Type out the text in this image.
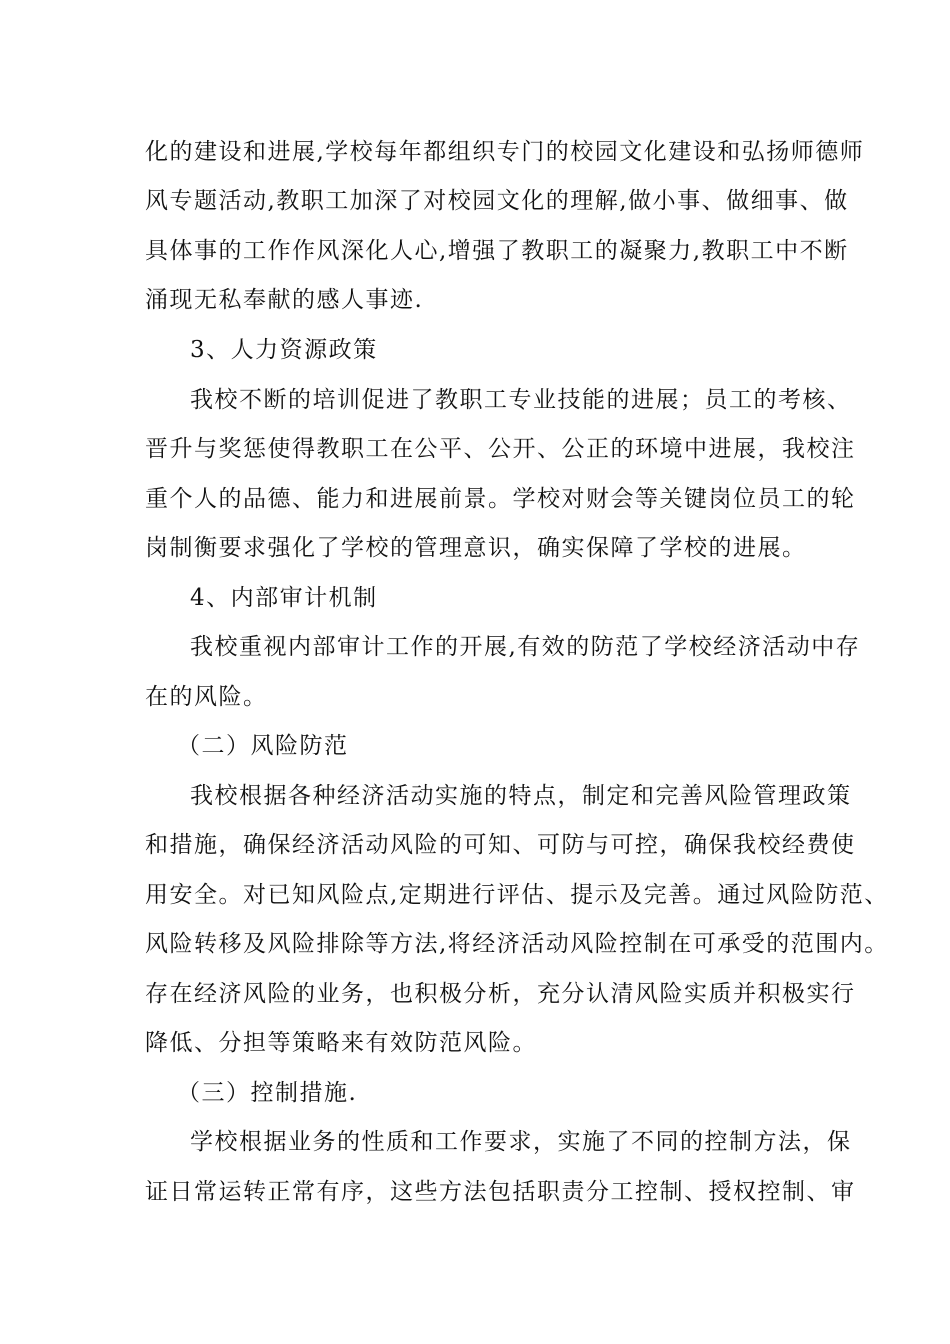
化的建设和进展,学校每年都组织专门的校园文化建设和弘扬师德师

风专题活动,教职工加深了对校园文化的理解,做小事、做细事、做

具体事的工作作风深化人心,增强了教职工的凝聚力,教职工中不断

涌现无私奉献的感人事迹.

3、人力资源政策

我校不断的培训促进了教职工专业技能的进展；员工的考核、

晋升与奖惩使得教职工在公平、公开、公正的环境中进展，我校注

重个人的品德、能力和进展前景。学校对财会等关键岗位员工的轮

岗制衡要求强化了学校的管理意识，确实保障了学校的进展。

4、内部审计机制

我校重视内部审计工作的开展,有效的防范了学校经济活动中存

在的风险。

（二）风险防范

我校根据各种经济活动实施的特点，制定和完善风险管理政策

和措施，确保经济活动风险的可知、可防与可控，确保我校经费使

用安全。对已知风险点,定期进行评估、提示及完善。通过风险防范、

风险转移及风险排除等方法,将经济活动风险控制在可承受的范围内。

存在经济风险的业务，也积极分析，充分认清风险实质并积极实行

降低、分担等策略来有效防范风险。

（三）控制措施.

学校根据业务的性质和工作要求，实施了不同的控制方法，保

证日常运转正常有序，这些方法包括职责分工控制、授权控制、审
